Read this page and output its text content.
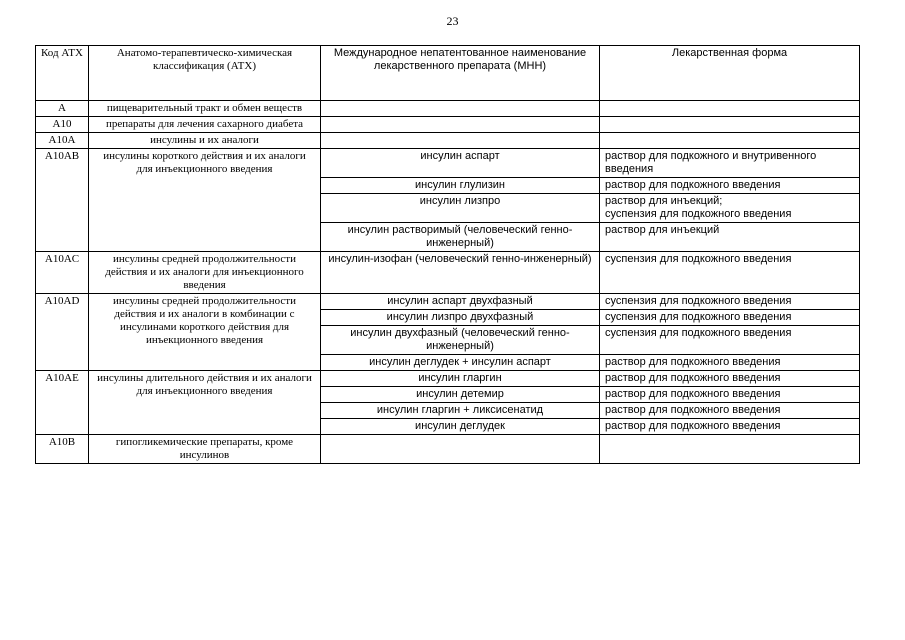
23
Код АТХ	Анатомо-терапевтическо-химическая классификация (АТХ)	Международное непатентованное наименование лекарственного препарата (МНН)	Лекарственная форма
А	пищеварительный тракт и обмен веществ		
A10	препараты для лечения сахарного диабета		
A10A	инсулины и их аналоги		
A10AB	инсулины короткого действия и их аналоги для инъекционного введения	инсулин аспарт	раствор для подкожного и внутривенного введения
		инсулин глулизин	раствор для подкожного введения
		инсулин лизпро	раствор для инъекций;
суспензия для подкожного введения
		инсулин растворимый (человеческий генно-инженерный)	раствор для инъекций
A10AC	инсулины средней продолжительности действия и их аналоги для инъекционного введения	инсулин-изофан (человеческий генно-инженерный)	суспензия для подкожного введения
A10AD	инсулины средней продолжительности действия и их аналоги в комбинации с инсулинами короткого действия для инъекционного введения	инсулин аспарт двухфазный	суспензия для подкожного введения
		инсулин лизпро двухфазный	суспензия для подкожного введения
		инсулин двухфазный (человеческий генно-инженерный)	суспензия для подкожного введения
		инсулин деглудек + инсулин аспарт	раствор для подкожного введения
A10AE	инсулины длительного действия и их аналоги для инъекционного введения	инсулин гларгин	раствор для подкожного введения
		инсулин детемир	раствор для подкожного введения
		инсулин гларгин + ликсисенатид	раствор для подкожного введения
		инсулин деглудек	раствор для подкожного введения
A10B	гипогликемические препараты, кроме инсулинов		
